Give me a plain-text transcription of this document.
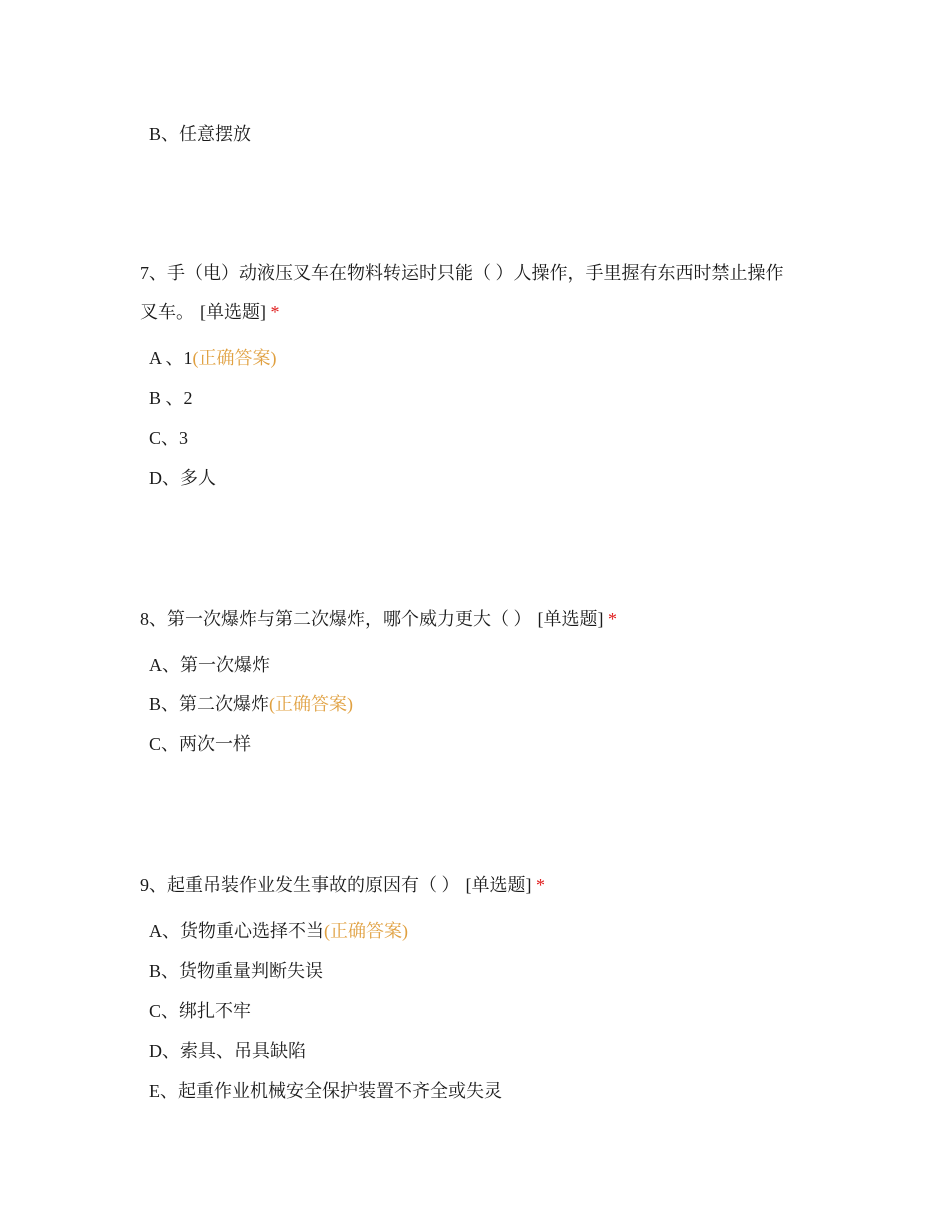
B、任意摆放
7、手（电）动液压叉车在物料转运时只能（ ）人操作，手里握有东西时禁止操作
叉车。 [单选题] *
A 、1(正确答案)
B 、2
C、3
D、多人
8、第一次爆炸与第二次爆炸，哪个威力更大（ ） [单选题] *
A、第一次爆炸
B、第二次爆炸(正确答案)
C、两次一样
9、起重吊装作业发生事故的原因有（ ） [单选题] *
A、货物重心选择不当(正确答案)
B、货物重量判断失误
C、绑扎不牢
D、索具、吊具缺陷
E、起重作业机械安全保护装置不齐全或失灵
